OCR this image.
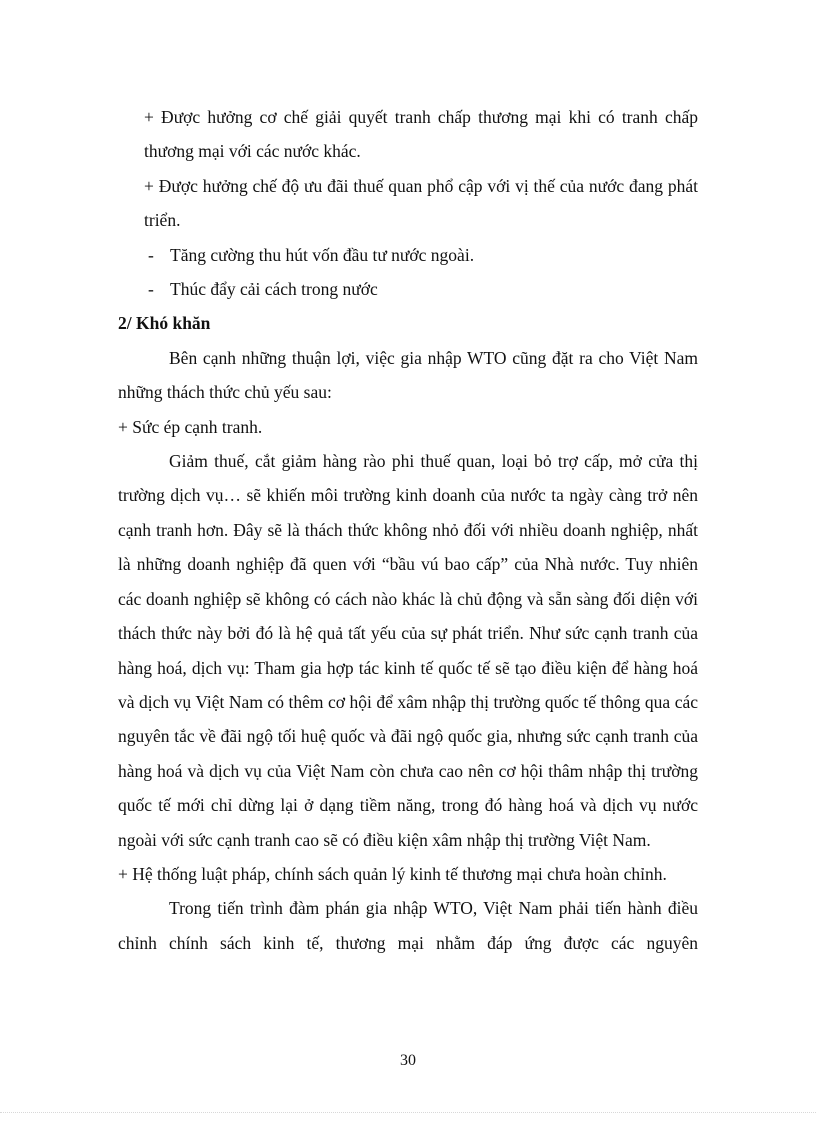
+ Được hưởng cơ chế giải quyết tranh chấp thương mại khi có tranh chấp thương mại với các nước khác.

+ Được hưởng chế độ ưu đãi thuế quan phổ cập với vị thế của nước đang phát triển.

- Tăng cường thu hút vốn đầu tư nước ngoài.
- Thúc đẩy cải cách trong nước

2/ Khó khăn

Bên cạnh những thuận lợi, việc gia nhập WTO cũng đặt ra cho Việt Nam những thách thức chủ yếu sau:

+ Sức ép cạnh tranh.

Giảm thuế, cắt giảm hàng rào phi thuế quan, loại bỏ trợ cấp, mở cửa thị trường dịch vụ… sẽ khiến môi trường kinh doanh của nước ta ngày càng trở nên cạnh tranh hơn. Đây sẽ là thách thức không nhỏ đối với nhiều doanh nghiệp, nhất là những doanh nghiệp đã quen với “bầu vú bao cấp” của Nhà nước. Tuy nhiên các doanh nghiệp sẽ không có cách nào khác là chủ động và sẵn sàng đối diện với thách thức này bởi đó là hệ quả tất yếu của sự phát triển. Như sức cạnh tranh của hàng hoá, dịch vụ: Tham gia hợp tác kinh tế quốc tế sẽ tạo điều kiện để hàng hoá và dịch vụ Việt Nam có thêm cơ hội để xâm nhập thị trường quốc tế thông qua các nguyên tắc về đãi ngộ tối huệ quốc và đãi ngộ quốc gia, nhưng sức cạnh tranh của hàng hoá và dịch vụ của Việt Nam còn chưa cao nên cơ hội thâm nhập thị trường quốc tế mới chỉ dừng lại ở dạng tiềm năng, trong đó hàng hoá và dịch vụ nước ngoài với sức cạnh tranh cao sẽ có điều kiện xâm nhập thị trường Việt Nam.

+ Hệ thống luật pháp, chính sách quản lý kinh tế thương mại chưa hoàn chỉnh.

Trong tiến trình đàm phán gia nhập WTO, Việt Nam phải tiến hành điều chỉnh chính sách kinh tế, thương mại nhằm đáp ứng được các nguyên

30
